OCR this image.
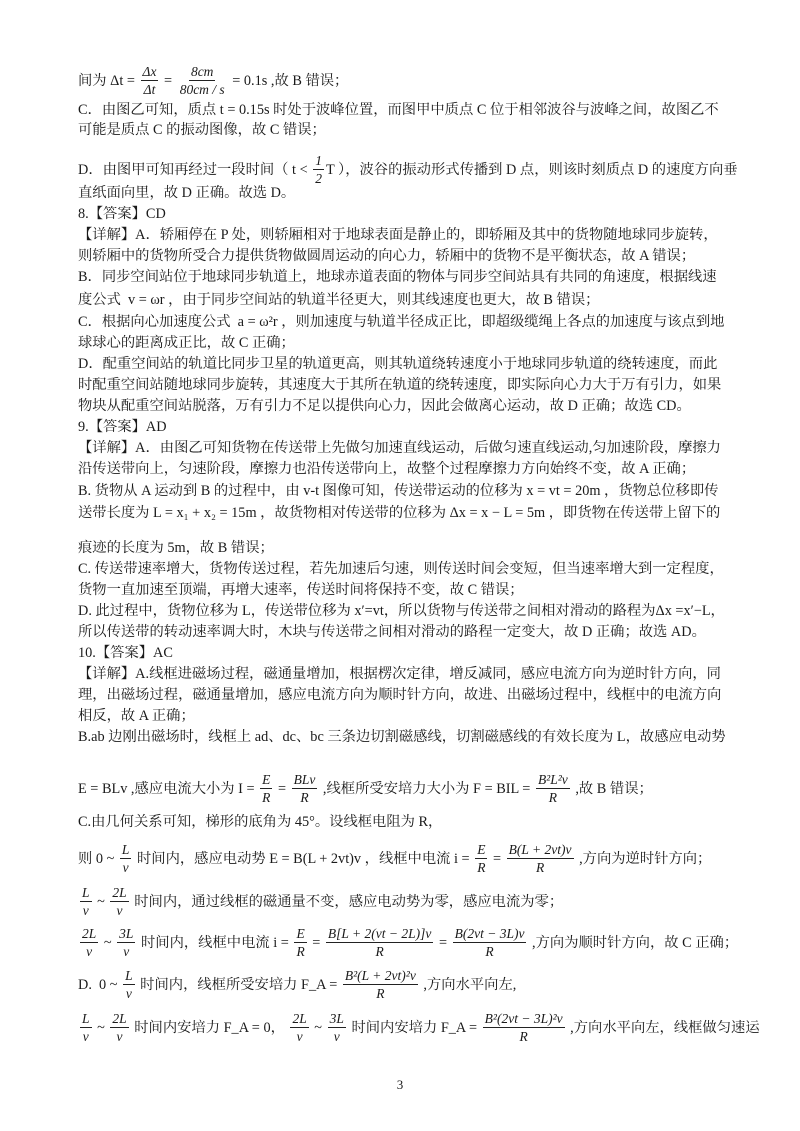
间为 $\Delta t = \frac{\Delta x}{\Delta t} = \frac{8cm}{80cm / s} = 0.1s$ ,故 B 错误；
C．由图乙可知，质点 t = 0.15s 时处于波峰位置，而图甲中质点 C 位于相邻波谷与波峰之间，故图乙不
可能是质点 C 的振动图像，故 C 错误；
D．由图甲可知再经过一段时间（ $t < \frac{1}{2}$ T ），波谷的振动形式传播到 D 点，则该时刻质点 D 的速度方向垂
直纸面向里，故 D 正确。故选 D。
8.【答案】CD
【详解】A．轿厢停在 P 处，则轿厢相对于地球表面是静止的，即轿厢及其中的货物随地球同步旋转，
则轿厢中的货物所受合力提供货物做圆周运动的向心力，轿厢中的货物不是平衡状态，故 A 错误；
B．同步空间站位于地球同步轨道上，地球赤道表面的物体与同步空间站具有共同的角速度，根据线速
度公式  v = ωr ，由于同步空间站的轨道半径更大，则其线速度也更大，故 B 错误；
C．根据向心加速度公式  a = ω²r ，则加速度与轨道半径成正比，即超级缆绳上各点的加速度与该点到地
球球心的距离成正比，故 C 正确；
D．配重空间站的轨道比同步卫星的轨道更高，则其轨道绕转速度小于地球同步轨道的绕转速度，而此
时配重空间站随地球同步旋转，其速度大于其所在轨道的绕转速度，即实际向心力大于万有引力，如果
物块从配重空间站脱落，万有引力不足以提供向心力，因此会做离心运动，故 D 正确；故选 CD。
9.【答案】AD
【详解】A．由图乙可知货物在传送带上先做匀加速直线运动，后做匀速直线运动,匀加速阶段，摩擦力
沿传送带向上，匀速阶段，摩擦力也沿传送带向上，故整个过程摩擦力方向始终不变，故 A 正确；
B. 货物从 A 运动到 B 的过程中，由 v-t 图像可知，传送带运动的位移为 x = vt = 20m ，货物总位移即传
送带长度为 L = x₁ + x₂ = 15m ，故货物相对传送带的位移为 Δx = x − L = 5m ，即货物在传送带上留下的
痕迹的长度为 5m，故 B 错误；
C. 传送带速率增大，货物传送过程，若先加速后匀速，则传送时间会变短，但当速率增大到一定程度，
货物一直加速至顶端，再增大速率，传送时间将保持不变，故 C 错误；
D. 此过程中，货物位移为 L，传送带位移为 x′=vt，所以货物与传送带之间相对滑动的路程为Δx =x′−L，
所以传送带的转动速率调大时，木块与传送带之间相对滑动的路程一定变大，故 D 正确；故选 AD。
10.【答案】AC
【详解】A.线框进磁场过程，磁通量增加，根据楞次定律，增反减同，感应电流方向为逆时针方向，同
理，出磁场过程，磁通量增加，感应电流方向为顺时针方向，故进、出磁场过程中，线框中的电流方向
相反，故 A 正确；
B.ab 边刚出磁场时，线框上 ad、dc、bc 三条边切割磁感线，切割磁感线的有效长度为 L，故感应电动势
E = BLv ,感应电流大小为 $I = \frac{E}{R} = \frac{\text{BLv}}{R}$ ,线框所受安培力大小为 F = BIL = $\frac{\text{B²L²v}}{R}$ ,故 B 错误；
C.由几何关系可知，梯形的底角为 45°。设线框电阻为 R，
则 0 ~ $\frac{L}{v}$ 时间内，感应电动势 E = B(L + 2vt)v ，线框中电流 $i = \frac{E}{R} = \frac{B(L + 2vt)v}{R}$ ,方向为逆时针方向；
$\frac{L}{v}$ ~ $\frac{2L}{v}$ 时间内，通过线框的磁通量不变，感应电动势为零，感应电流为零；
$\frac{2L}{v}$ ~ $\frac{3L}{v}$ 时间内，线框中电流 $i = \frac{E}{R} = \frac{B[L + 2(vt - 2L)]v}{R} = \frac{B(2vt - 3L)v}{R}$ ,方向为顺时针方向，故 C 正确；
D.  0 ~ $\frac{L}{v}$ 时间内，线框所受安培力 F_A = $\frac{\text{B²(L + 2vt)²v}}{R}$ ,方向水平向左,
$\frac{L}{v}$ ~ $\frac{2L}{v}$ 时间内安培力 F_A = 0， $\frac{2L}{v}$ ~ $\frac{3L}{v}$ 时间内安培力 F_A = $\frac{\text{B²(2vt − 3L)²v}}{R}$ ,方向水平向左，线框做匀速运
3
